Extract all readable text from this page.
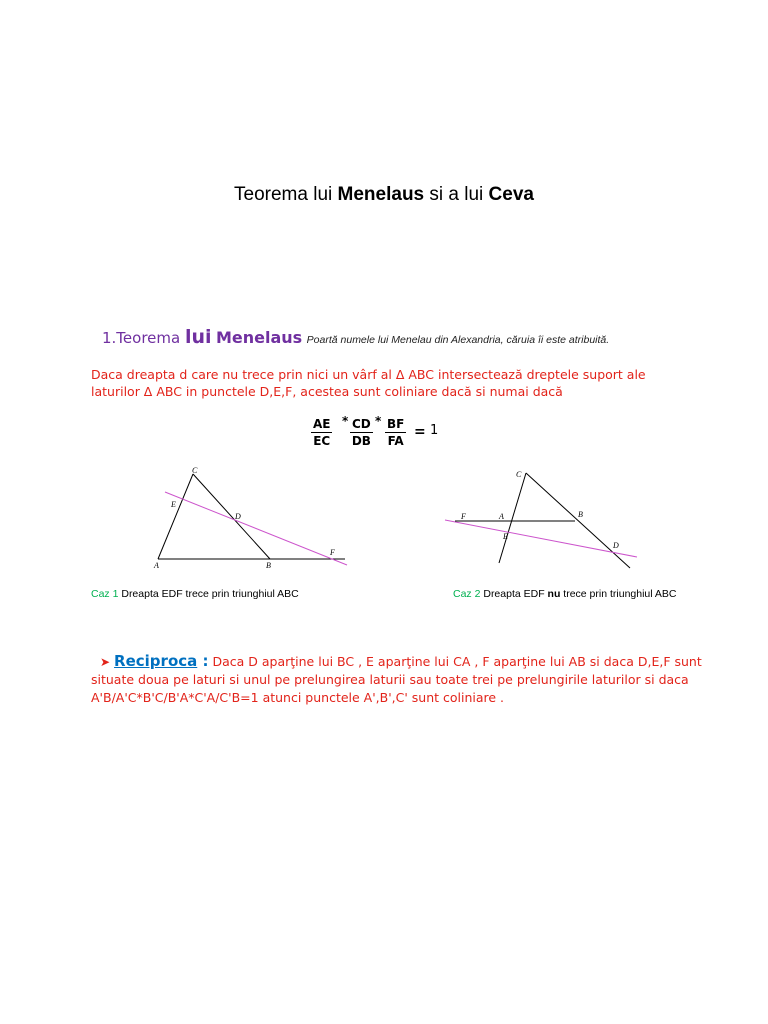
Teorema lui Menelaus si a lui Ceva
1.Teorema lui Menelaus Poartă numele lui Menelau din Alexandria, căruia îi este atribuită.
Daca dreapta d care nu trece prin nici un vârf al Δ ABC intersectează dreptele suport ale laturilor Δ ABC in punctele D,E,F, acestea sunt coliniare dacă si numai dacă
$\frac{AE}{EC} * \frac{CD}{DB} * \frac{BF}{FA} = 1$
C
E
D
A	B
F
C
F	A	B
E
D
Caz 1 Dreapta EDF trece prin triunghiul ABC	Caz 2 Dreapta EDF nu trece prin triunghiul ABC
➤ Reciproca : Daca D aparţine lui BC , E aparţine lui CA , F aparţine lui AB si daca D,E,F sunt situate doua pe laturi si unul pe prelungirea laturii sau toate trei pe prelungirile laturilor si daca A'B/A'C*B'C/B'A*C'A/C'B=1 atunci punctele A',B',C' sunt coliniare .
